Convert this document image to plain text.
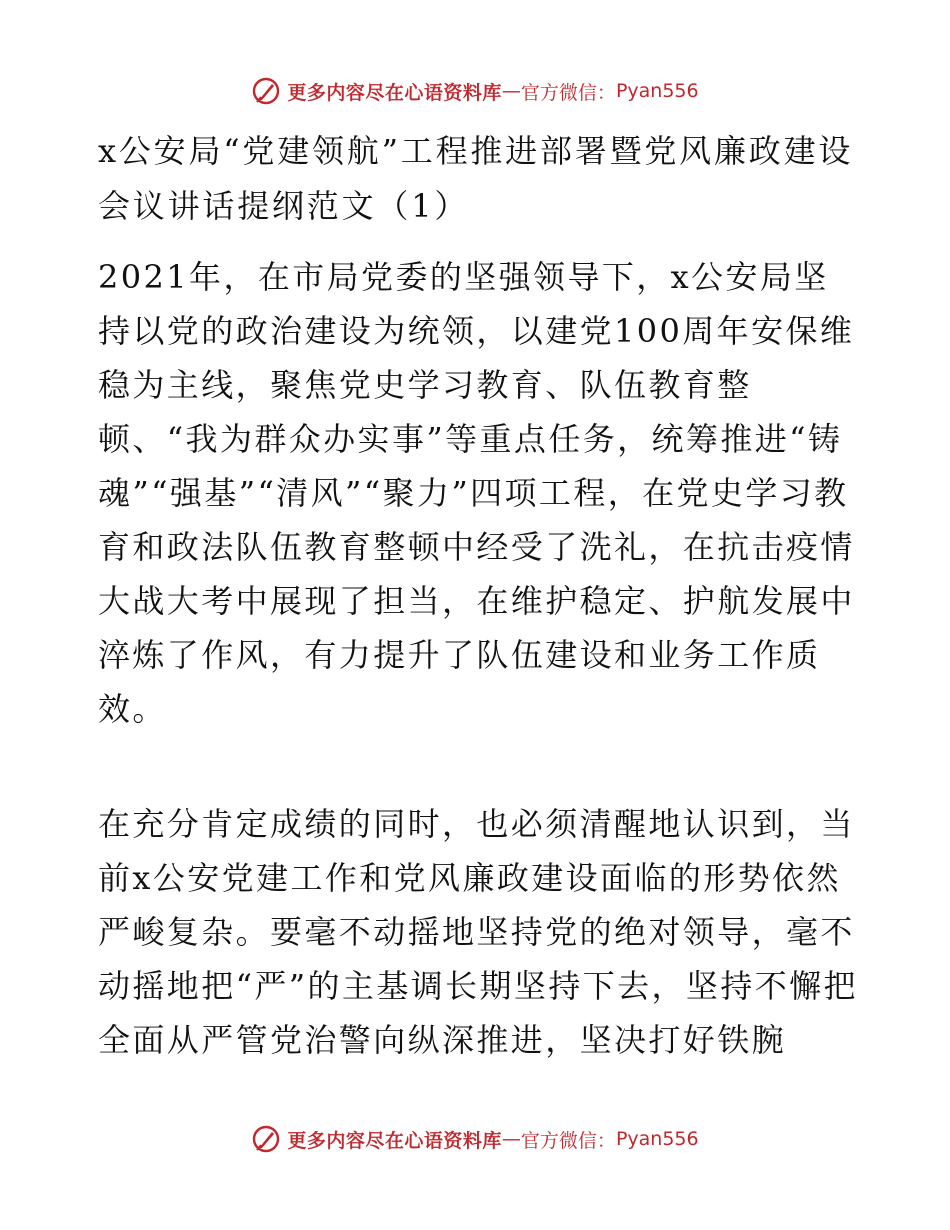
更多内容尽在心语资料库 — 官方微信： Pyan556
x公安局“党建领航”工程推进部署暨党风廉政建设会议讲话提纲范文（1）

2021年，在市局党委的坚强领导下，x公安局坚持以党的政治建设为统领，以建党100周年安保维稳为主线，聚焦党史学习教育、队伍教育整顿、“我为群众办实事”等重点任务，统筹推进“铸魂”“强基”“清风”“聚力”四项工程，在党史学习教育和政法队伍教育整顿中经受了洗礼，在抗击疫情大战大考中展现了担当，在维护稳定、护航发展中淬炼了作风，有力提升了队伍建设和业务工作质效。

在充分肯定成绩的同时，也必须清醒地认识到，当前x公安党建工作和党风廉政建设面临的形势依然严峻复杂。要毫不动摇地坚持党的绝对领导，毫不动摇地把“严”的主基调长期坚持下去，坚持不懈把全面从严管党治警向纵深推进，坚决打好铁腕

更多内容尽在心语资料库 — 官方微信： Pyan556
